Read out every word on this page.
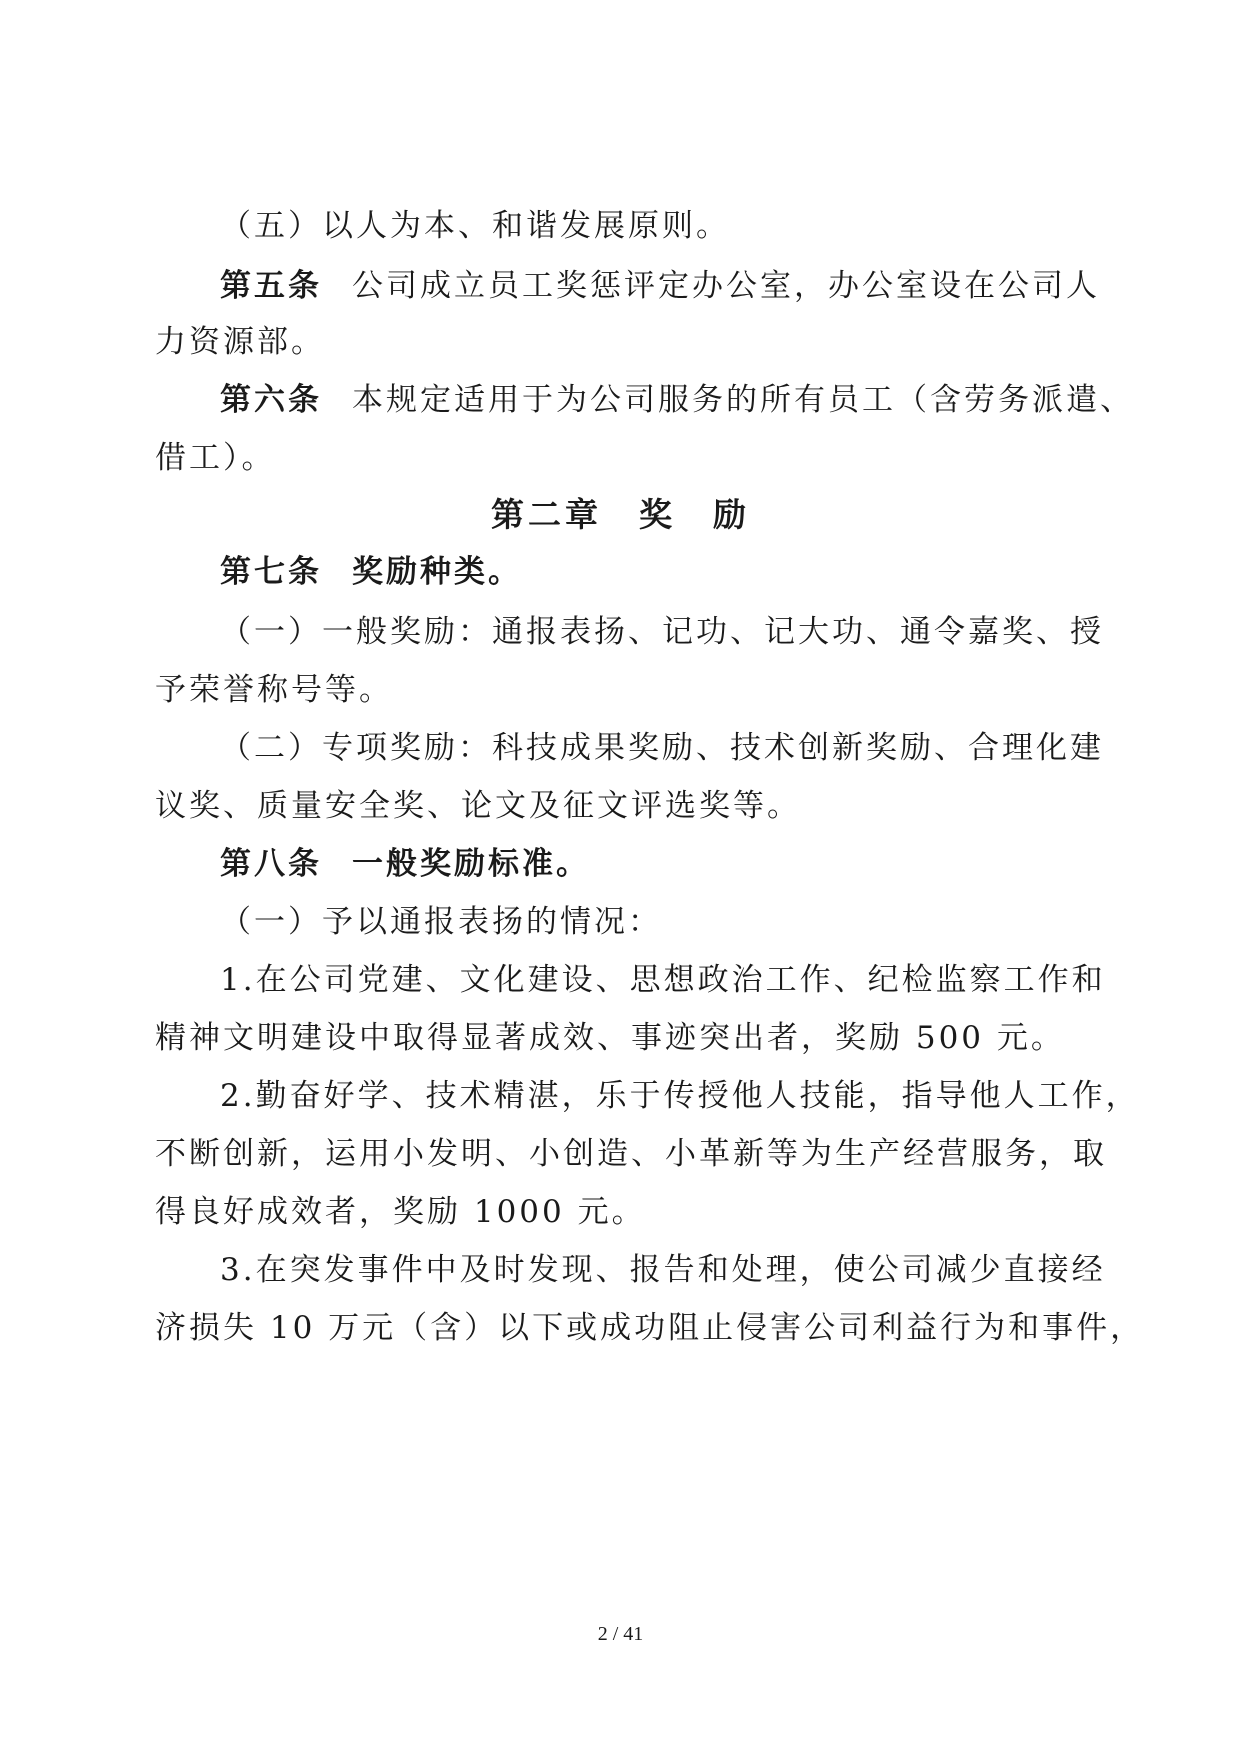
（五）以人为本、和谐发展原则。
第五条 公司成立员工奖惩评定办公室，办公室设在公司人
力资源部。
第六条 本规定适用于为公司服务的所有员工（含劳务派遣、
借工）。
第二章　奖　励
第七条 奖励种类。
（一）一般奖励：通报表扬、记功、记大功、通令嘉奖、授
予荣誉称号等。
（二）专项奖励：科技成果奖励、技术创新奖励、合理化建
议奖、质量安全奖、论文及征文评选奖等。
第八条 一般奖励标准。
（一）予以通报表扬的情况：
1.在公司党建、文化建设、思想政治工作、纪检监察工作和
精神文明建设中取得显著成效、事迹突出者，奖励 500 元。
2.勤奋好学、技术精湛，乐于传授他人技能，指导他人工作，
不断创新，运用小发明、小创造、小革新等为生产经营服务，取
得良好成效者，奖励 1000 元。
3.在突发事件中及时发现、报告和处理，使公司减少直接经
济损失 10 万元（含）以下或成功阻止侵害公司利益行为和事件，
2 / 41
